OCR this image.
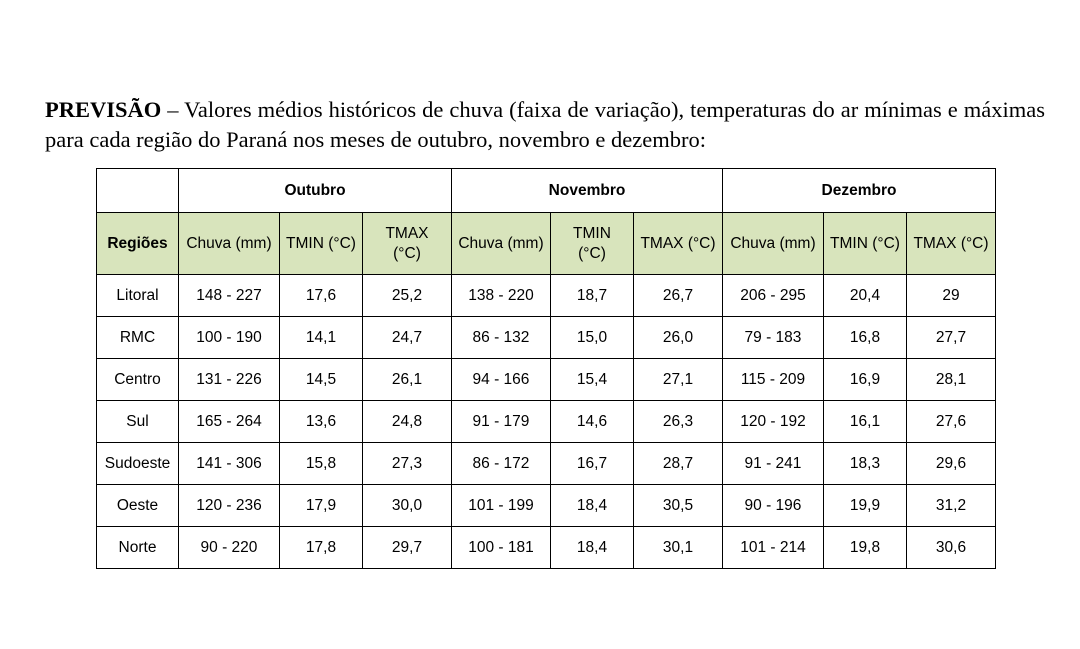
PREVISÃO – Valores médios históricos de chuva (faixa de variação), temperaturas do ar mínimas e máximas para cada região do Paraná nos meses de outubro, novembro e dezembro:

	Outubro			Novembro			Dezembro		
Regiões	Chuva (mm)	TMIN (°C)	TMAX (°C)	Chuva (mm)	TMIN (°C)	TMAX (°C)	Chuva (mm)	TMIN (°C)	TMAX (°C)
Litoral	148 - 227	17,6	25,2	138 - 220	18,7	26,7	206 - 295	20,4	29
RMC	100 - 190	14,1	24,7	86 - 132	15,0	26,0	79 - 183	16,8	27,7
Centro	131 - 226	14,5	26,1	94 - 166	15,4	27,1	115 - 209	16,9	28,1
Sul	165 - 264	13,6	24,8	91 - 179	14,6	26,3	120 - 192	16,1	27,6
Sudoeste	141 - 306	15,8	27,3	86 - 172	16,7	28,7	91 - 241	18,3	29,6
Oeste	120 - 236	17,9	30,0	101 - 199	18,4	30,5	90 - 196	19,9	31,2
Norte	90 - 220	17,8	29,7	100 - 181	18,4	30,1	101 - 214	19,8	30,6
